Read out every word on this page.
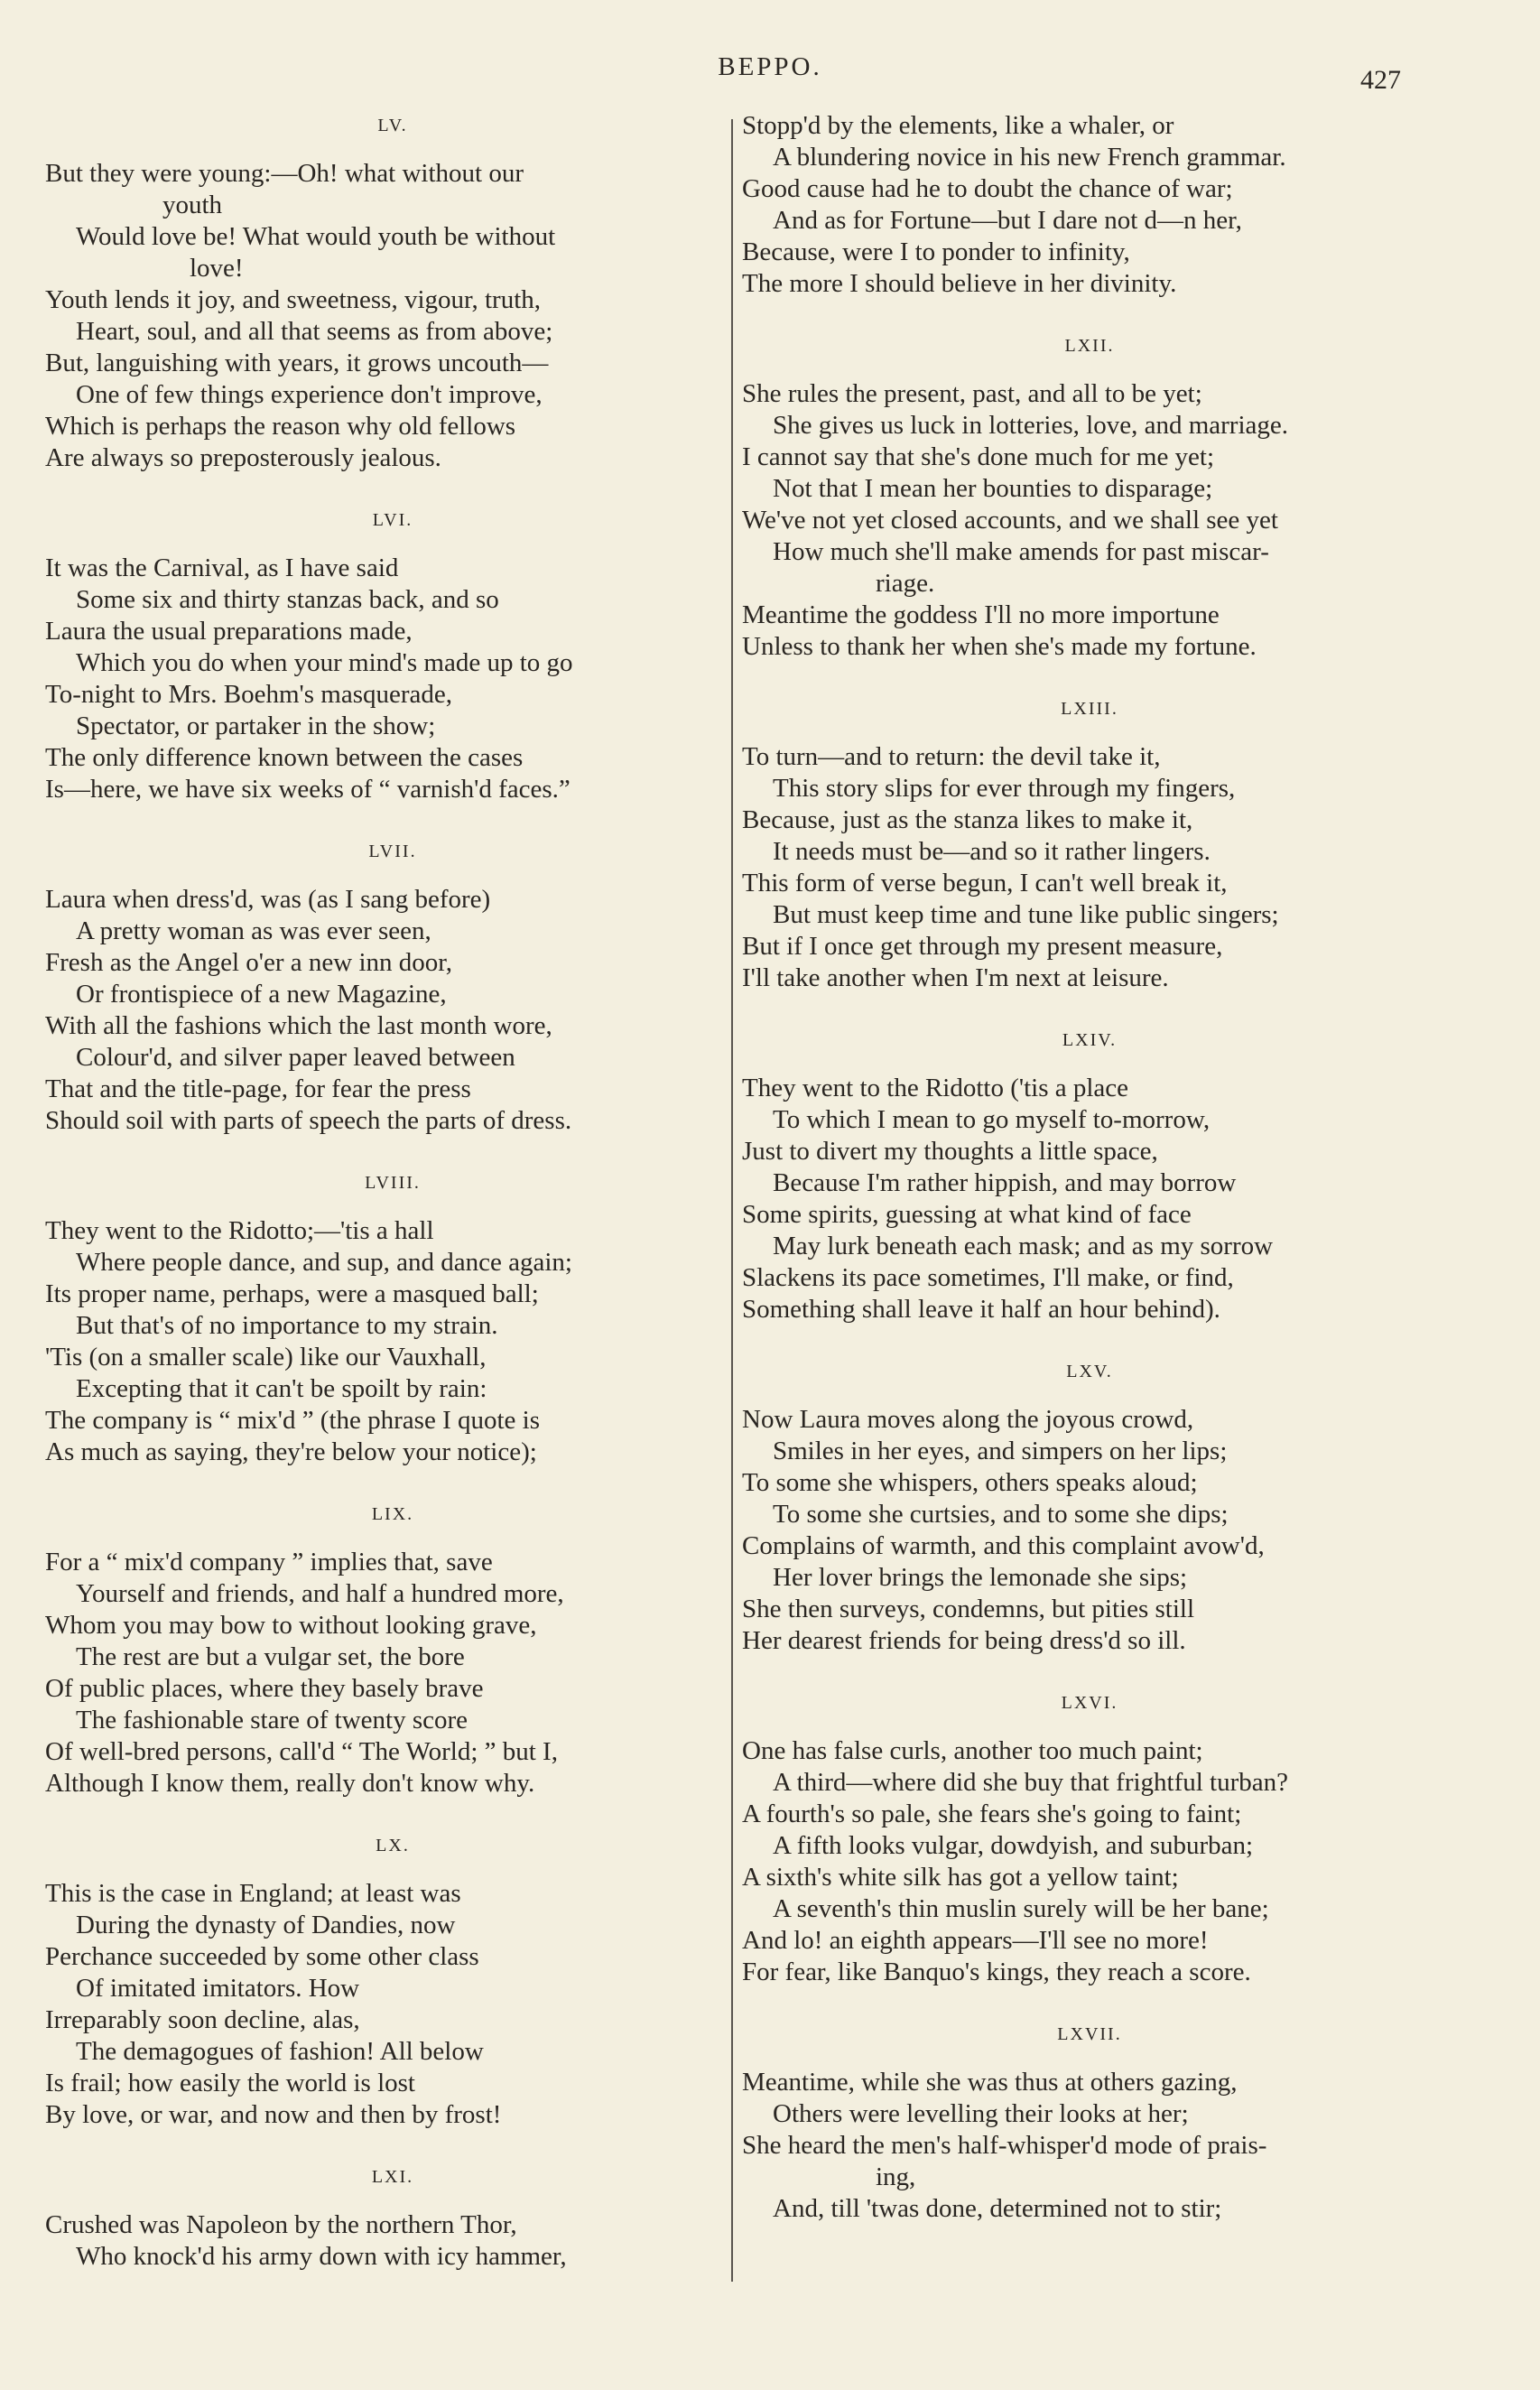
BEPPO.	427
LV.
But they were young:—Oh! what without our
youth
Would love be! What would youth be without
love!
Youth lends it joy, and sweetness, vigour, truth,
Heart, soul, and all that seems as from above;
But, languishing with years, it grows uncouth—
One of few things experience don't improve,
Which is perhaps the reason why old fellows
Are always so preposterously jealous.
LVI.
It was the Carnival, as I have said
Some six and thirty stanzas back, and so
Laura the usual preparations made,
Which you do when your mind's made up to go
To-night to Mrs. Boehm's masquerade,
Spectator, or partaker in the show;
The only difference known between the cases
Is—here, we have six weeks of “ varnish'd faces.”
LVII.
Laura when dress'd, was (as I sang before)
A pretty woman as was ever seen,
Fresh as the Angel o'er a new inn door,
Or frontispiece of a new Magazine,
With all the fashions which the last month wore,
Colour'd, and silver paper leaved between
That and the title-page, for fear the press
Should soil with parts of speech the parts of dress.
LVIII.
They went to the Ridotto;—'tis a hall
Where people dance, and sup, and dance again;
Its proper name, perhaps, were a masqued ball;
But that's of no importance to my strain.
'Tis (on a smaller scale) like our Vauxhall,
Excepting that it can't be spoilt by rain:
The company is “ mix'd ” (the phrase I quote is
As much as saying, they're below your notice);
LIX.
For a “ mix'd company ” implies that, save
Yourself and friends, and half a hundred more,
Whom you may bow to without looking grave,
The rest are but a vulgar set, the bore
Of public places, where they basely brave
The fashionable stare of twenty score
Of well-bred persons, call'd “ The World; ” but I,
Although I know them, really don't know why.
LX.
This is the case in England; at least was
During the dynasty of Dandies, now
Perchance succeeded by some other class
Of imitated imitators. How
Irreparably soon decline, alas,
The demagogues of fashion! All below
Is frail; how easily the world is lost
By love, or war, and now and then by frost!
LXI.
Crushed was Napoleon by the northern Thor,
Who knock'd his army down with icy hammer,
Stopp'd by the elements, like a whaler, or
A blundering novice in his new French grammar.
Good cause had he to doubt the chance of war;
And as for Fortune—but I dare not d—n her,
Because, were I to ponder to infinity,
The more I should believe in her divinity.
LXII.
She rules the present, past, and all to be yet;
She gives us luck in lotteries, love, and marriage.
I cannot say that she's done much for me yet;
Not that I mean her bounties to disparage;
We've not yet closed accounts, and we shall see yet
How much she'll make amends for past miscar-
riage.
Meantime the goddess I'll no more importune
Unless to thank her when she's made my fortune.
LXIII.
To turn—and to return: the devil take it,
This story slips for ever through my fingers,
Because, just as the stanza likes to make it,
It needs must be—and so it rather lingers.
This form of verse begun, I can't well break it,
But must keep time and tune like public singers;
But if I once get through my present measure,
I'll take another when I'm next at leisure.
LXIV.
They went to the Ridotto ('tis a place
To which I mean to go myself to-morrow,
Just to divert my thoughts a little space,
Because I'm rather hippish, and may borrow
Some spirits, guessing at what kind of face
May lurk beneath each mask; and as my sorrow
Slackens its pace sometimes, I'll make, or find,
Something shall leave it half an hour behind).
LXV.
Now Laura moves along the joyous crowd,
Smiles in her eyes, and simpers on her lips;
To some she whispers, others speaks aloud;
To some she curtsies, and to some she dips;
Complains of warmth, and this complaint avow'd,
Her lover brings the lemonade she sips;
She then surveys, condemns, but pities still
Her dearest friends for being dress'd so ill.
LXVI.
One has false curls, another too much paint;
A third—where did she buy that frightful turban?
A fourth's so pale, she fears she's going to faint;
A fifth looks vulgar, dowdyish, and suburban;
A sixth's white silk has got a yellow taint;
A seventh's thin muslin surely will be her bane;
And lo! an eighth appears—I'll see no more!
For fear, like Banquo's kings, they reach a score.
LXVII.
Meantime, while she was thus at others gazing,
Others were levelling their looks at her;
She heard the men's half-whisper'd mode of prais-
ing,
And, till 'twas done, determined not to stir;
